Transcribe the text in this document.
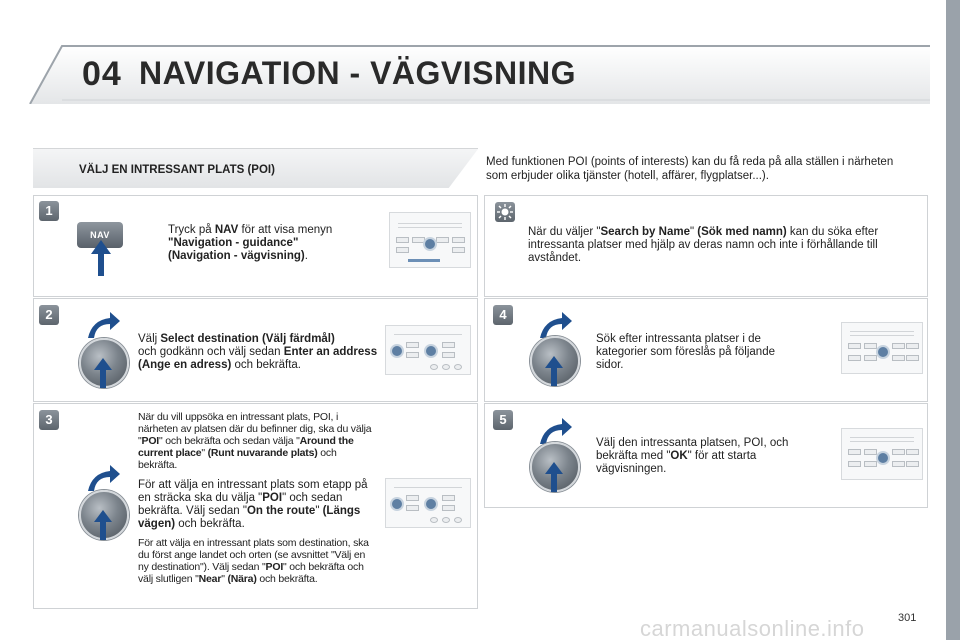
04 NAVIGATION - VÄGVISNING
VÄLJ EN INTRESSANT PLATS (POI)
Med funktionen POI (points of interests) kan du få reda på alla ställen i närheten som erbjuder olika tjänster (hotell, affärer, flygplatser...).
1
2
3
4
5
NAV	Tryck på NAV för att visa menyn "Navigation - guidance"
(Navigation - vägvisning).
Välj Select destination (Välj färdmål)
och godkänn och välj sedan Enter an address (Ange en adress) och bekräfta.
När du vill uppsöka en intressant plats, POI, i närheten av platsen där du befinner dig, ska du välja "POI" och bekräfta och sedan välja "Around the current place" (Runt nuvarande plats) och bekräfta.
För att välja en intressant plats som etapp på en sträcka ska du välja "POI" och sedan bekräfta. Välj sedan "On the route" (Längs vägen) och bekräfta.
För att välja en intressant plats som destination, ska du först ange landet och orten (se avsnittet "Välj en ny destination"). Välj sedan "POI" och bekräfta och välj slutligen "Near" (Nära) och bekräfta.
När du väljer "Search by Name" (Sök med namn) kan du söka efter intressanta platser med hjälp av deras namn och inte i förhållande till avståndet.
Sök efter intressanta platser i de kategorier som föreslås på följande sidor.
Välj den intressanta platsen, POI, och bekräfta med "OK" för att starta vägvisningen.
carmanualsonline.info	301
